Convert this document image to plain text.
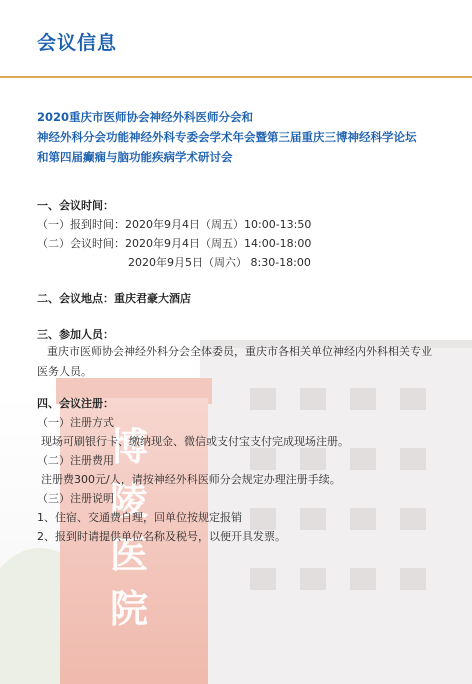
博
陵
医
院
会议信息
2020重庆市医师协会神经外科医师分会和
神经外科分会功能神经外科专委会学术年会暨第三届重庆三博神经科学论坛
和第四届癫痫与脑功能疾病学术研讨会
一、会议时间：
（一）报到时间：2020年9月4日（周五）10:00-13:50
（二）会议时间：2020年9月4日（周五）14:00-18:00
2020年9月5日（周六） 8:30-18:00
二、会议地点：重庆君豪大酒店
三、参加人员：
重庆市医师协会神经外科分会全体委员，重庆市各相关单位神经内外科相关专业医务人员。
四、会议注册：
（一）注册方式
现场可刷银行卡、缴纳现金、微信或支付宝支付完成现场注册。
（二）注册费用
注册费300元/人，请按神经外科医师分会规定办理注册手续。
（三）注册说明
1、住宿、交通费自理，回单位按规定报销
2、报到时请提供单位名称及税号，以便开具发票。
